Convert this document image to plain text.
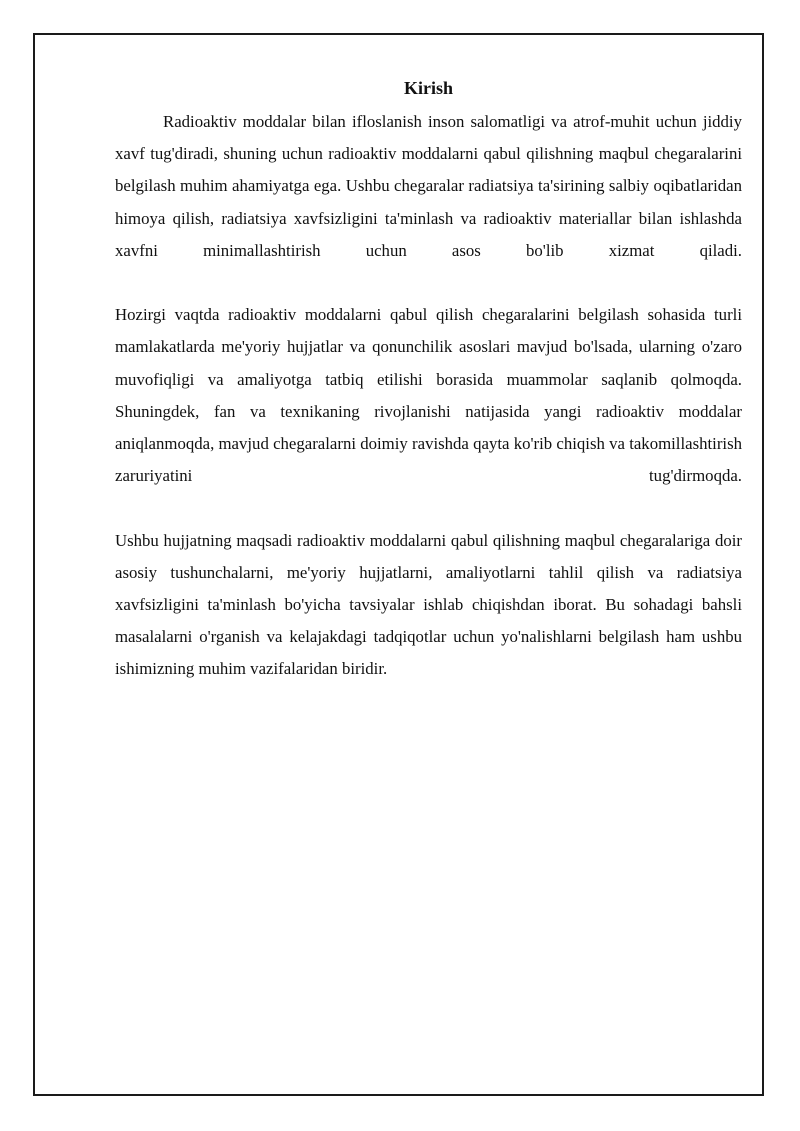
Kirish

Radioaktiv moddalar bilan ifloslanish inson salomatligi va atrof-muhit uchun jiddiy xavf tug'diradi, shuning uchun radioaktiv moddalarni qabul qilishning maqbul chegaralarini belgilash muhim ahamiyatga ega. Ushbu chegaralar radiatsiya ta'sirining salbiy oqibatlaridan himoya qilish, radiatsiya xavfsizligini ta'minlash va radioaktiv materiallar bilan ishlashda xavfni minimallashtirish uchun asos bo'lib xizmat qiladi.

Hozirgi vaqtda radioaktiv moddalarni qabul qilish chegaralarini belgilash sohasida turli mamlakatlarda me'yoriy hujjatlar va qonunchilik asoslari mavjud bo'lsada, ularning o'zaro muvofiqligi va amaliyotga tatbiq etilishi borasida muammolar saqlanib qolmoqda. Shuningdek, fan va texnikaning rivojlanishi natijasida yangi radioaktiv moddalar aniqlanmoqda, mavjud chegaralarni doimiy ravishda qayta ko'rib chiqish va takomillashtirish zaruriyatini tug'dirmoqda.

Ushbu hujjatning maqsadi radioaktiv moddalarni qabul qilishning maqbul chegaralariga doir asosiy tushunchalarni, me'yoriy hujjatlarni, amaliyotlarni tahlil qilish va radiatsiya xavfsizligini ta'minlash bo'yicha tavsiyalar ishlab chiqishdan iborat. Bu sohadagi bahsli masalalarni o'rganish va kelajakdagi tadqiqotlar uchun yo'nalishlarni belgilash ham ushbu ishimizning muhim vazifalaridan biridir.
